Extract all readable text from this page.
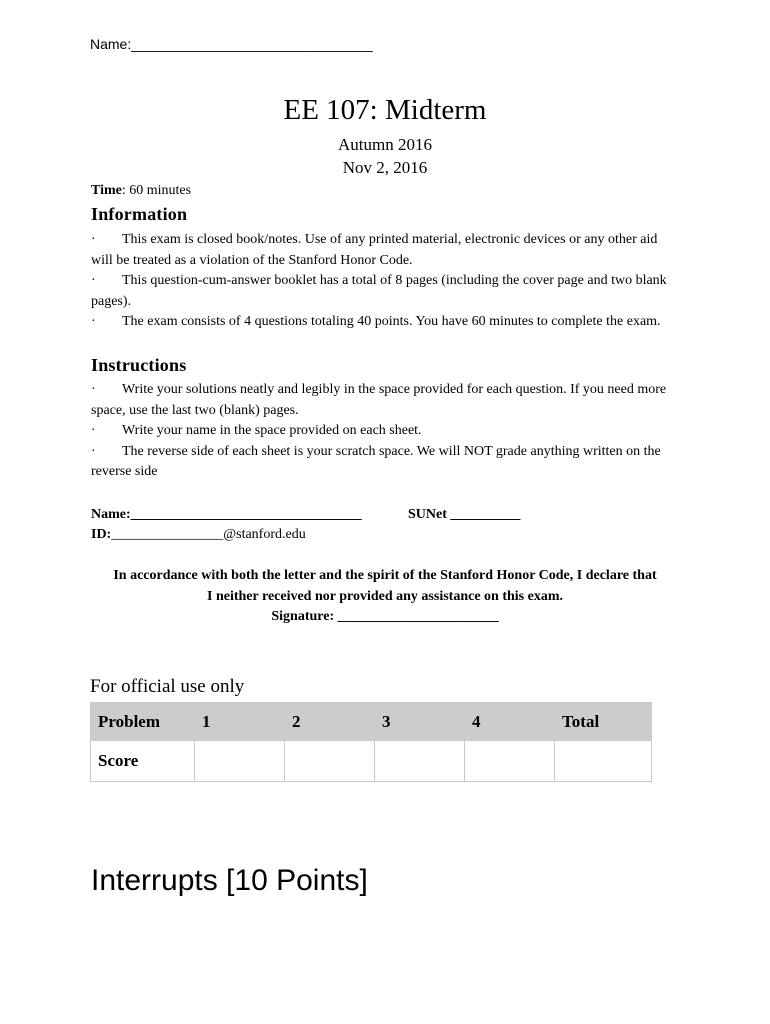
Name:_______________________________
EE 107: Midterm
Autumn 2016
Nov 2, 2016
Time: 60 minutes
Information

· This exam is closed book/notes. Use of any printed material, electronic devices or any other aid will be treated as a violation of the Stanford Honor Code.

· This question-cum-answer booklet has a total of 8 pages (including the cover page and two blank pages).

· The exam consists of 4 questions totaling 40 points. You have 60 minutes to complete the exam.

Instructions

· Write your solutions neatly and legibly in the space provided for each question. If you need more space, use the last two (blank) pages.

· Write your name in the space provided on each sheet.

· The reverse side of each sheet is your scratch space. We will NOT grade anything written on the reverse side

Name:_________________________________	SUNet __________
ID:________________@stanford.edu
In accordance with both the letter and the spirit of the Stanford Honor Code, I declare that
I neither received nor provided any assistance on this exam.
Signature: _______________________
For official use only
Problem	1	2	3	4	Total
Score					
Interrupts [10 Points]
